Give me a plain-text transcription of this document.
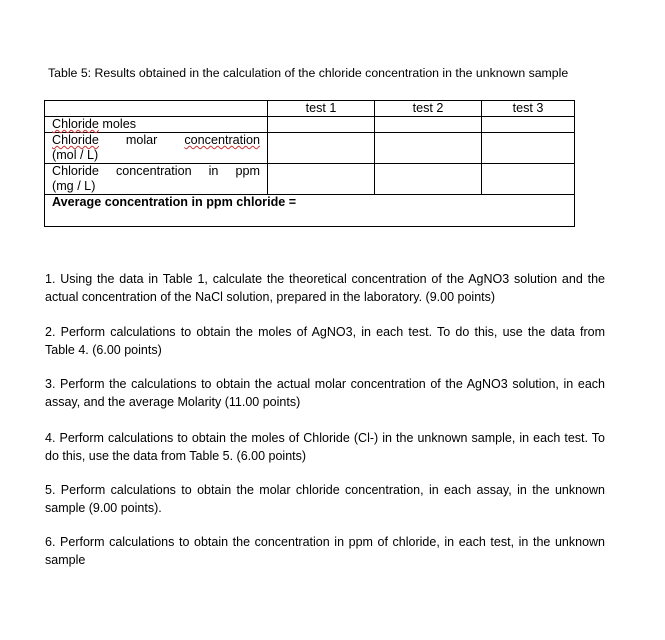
Table 5: Results obtained in the calculation of the chloride concentration in the unknown sample
	test 1	test 2	test 3
Chloride moles			

Chloride molar concentration
(mol / L)			

Chloride concentration in ppm
(mg / L)			
Average concentration in ppm chloride =			

1. Using the data in Table 1, calculate the theoretical concentration of the AgNO3 solution and the actual concentration of the NaCl solution, prepared in the laboratory. (9.00 points)

2. Perform calculations to obtain the moles of AgNO3, in each test. To do this, use the data from Table 4. (6.00 points)

3. Perform the calculations to obtain the actual molar concentration of the AgNO3 solution, in each assay, and the average Molarity (11.00 points)

4. Perform calculations to obtain the moles of Chloride (Cl-) in the unknown sample, in each test. To do this, use the data from Table 5. (6.00 points)

5. Perform calculations to obtain the molar chloride concentration, in each assay, in the unknown sample (9.00 points).

6. Perform calculations to obtain the concentration in ppm of chloride, in each test, in the unknown sample
